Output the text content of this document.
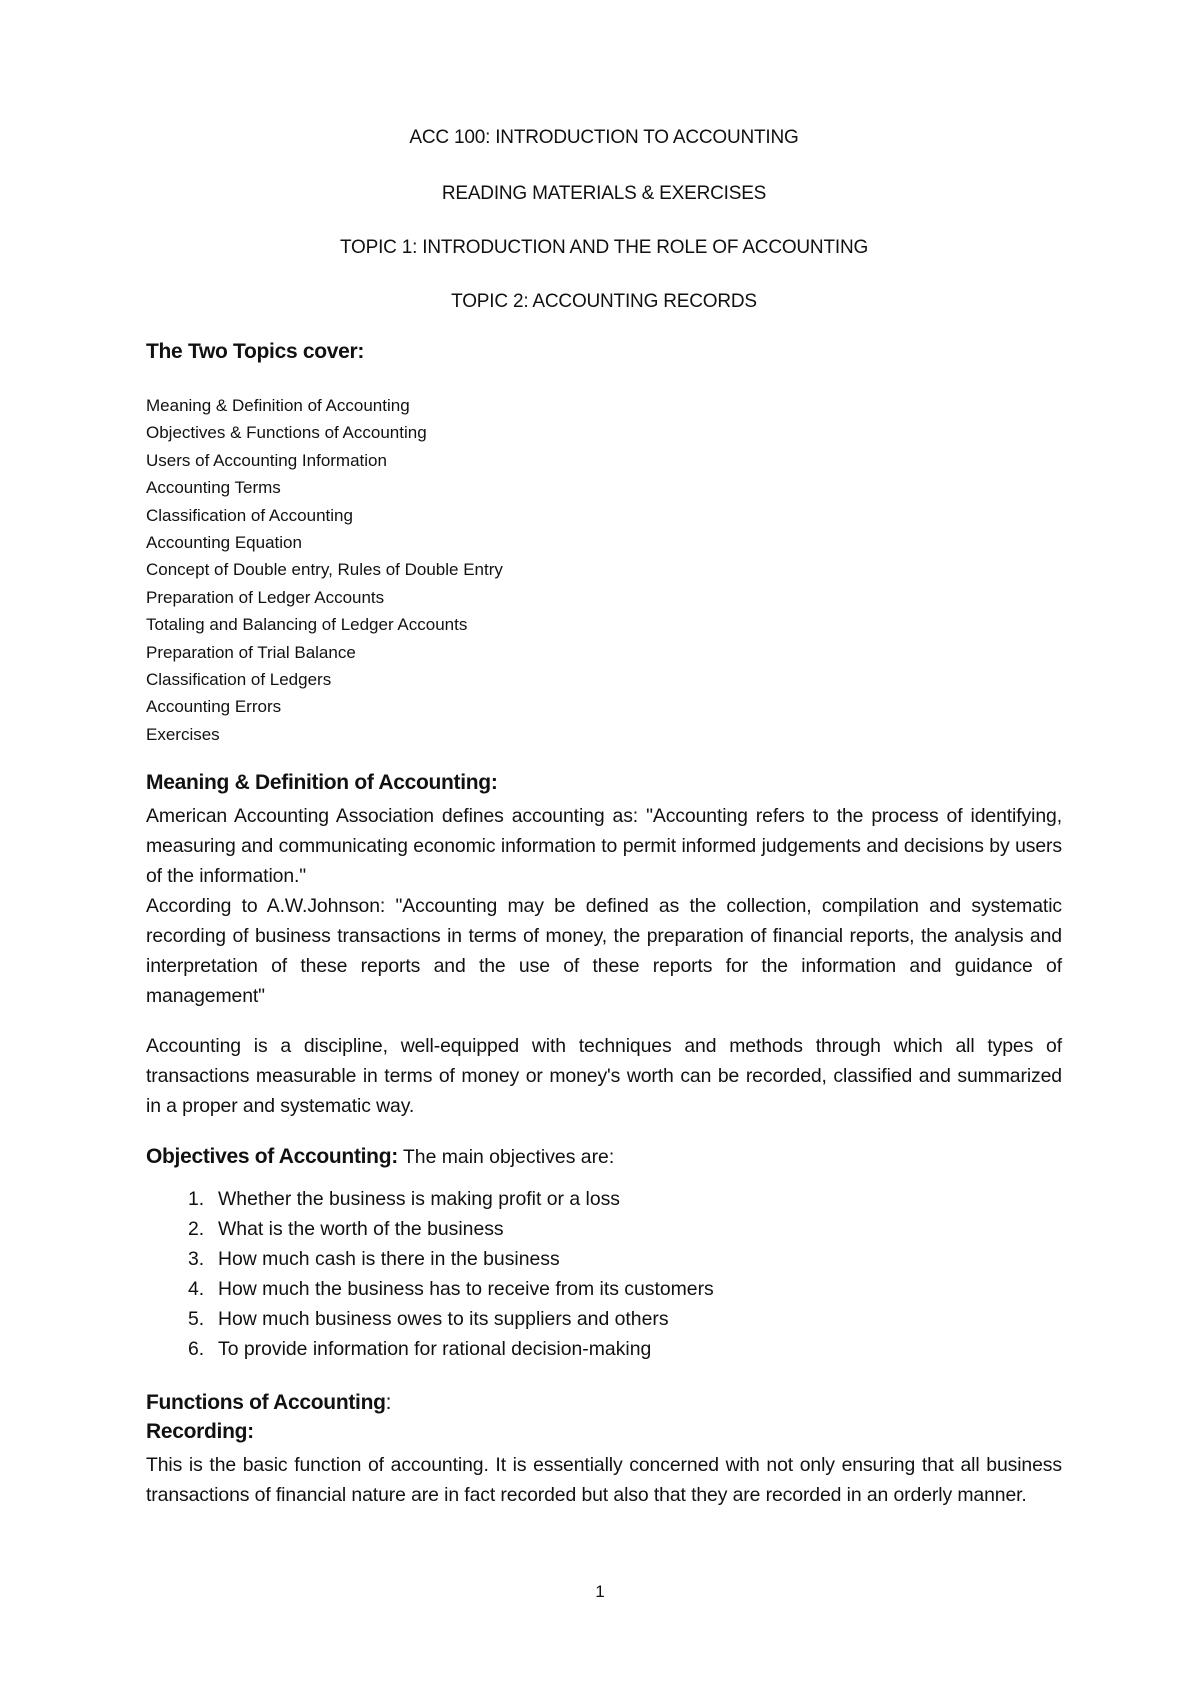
ACC 100: INTRODUCTION TO ACCOUNTING

READING MATERIALS & EXERCISES

TOPIC 1: INTRODUCTION AND THE ROLE OF ACCOUNTING

TOPIC 2: ACCOUNTING RECORDS

The Two Topics cover:

Meaning & Definition of Accounting
Objectives & Functions of Accounting
Users of Accounting Information
Accounting Terms
Classification of Accounting
Accounting Equation
Concept of Double entry, Rules of Double Entry
Preparation of Ledger Accounts
Totaling and Balancing of Ledger Accounts
Preparation of Trial Balance
Classification of Ledgers
Accounting Errors
Exercises

Meaning & Definition of Accounting:

American Accounting Association defines accounting as: "Accounting refers to the process of identifying, measuring and communicating economic information to permit informed judgements and decisions by users of the information."

According to A.W.Johnson: "Accounting may be defined as the collection, compilation and systematic recording of business transactions in terms of money, the preparation of financial reports, the analysis and interpretation of these reports and the use of these reports for the information and guidance of management"

Accounting is a discipline, well-equipped with techniques and methods through which all types of transactions measurable in terms of money or money's worth can be recorded, classified and summarized in a proper and systematic way.

Objectives of Accounting: The main objectives are:

1. Whether the business is making profit or a loss
2. What is the worth of the business
3. How much cash is there in the business
4. How much the business has to receive from its customers
5. How much business owes to its suppliers and others
6. To provide information for rational decision-making

Functions of Accounting:

Recording:

This is the basic function of accounting. It is essentially concerned with not only ensuring that all business transactions of financial nature are in fact recorded but also that they are recorded in an orderly manner.

1
